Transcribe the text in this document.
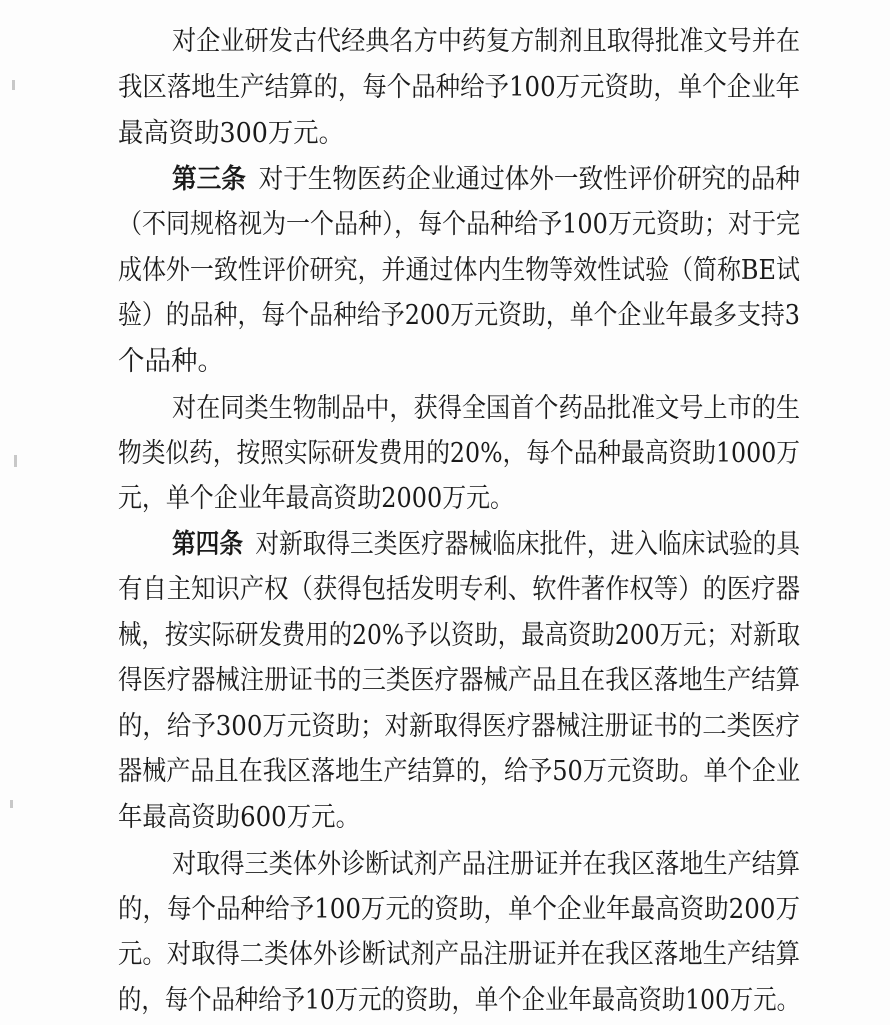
对企业研发古代经典名方中药复方制剂且取得批准文号并在
我区落地生产结算的，每个品种给予100万元资助，单个企业年
最高资助300万元。
第三条 对于生物医药企业通过体外一致性评价研究的品种
（不同规格视为一个品种），每个品种给予100万元资助；对于完
成体外一致性评价研究，并通过体内生物等效性试验（简称BE试
验）的品种，每个品种给予200万元资助，单个企业年最多支持3
个品种。
对在同类生物制品中，获得全国首个药品批准文号上市的生
物类似药，按照实际研发费用的20%，每个品种最高资助1000万
元，单个企业年最高资助2000万元。
第四条 对新取得三类医疗器械临床批件，进入临床试验的具
有自主知识产权（获得包括发明专利、软件著作权等）的医疗器
械，按实际研发费用的20%予以资助，最高资助200万元；对新取
得医疗器械注册证书的三类医疗器械产品且在我区落地生产结算
的，给予300万元资助；对新取得医疗器械注册证书的二类医疗
器械产品且在我区落地生产结算的，给予50万元资助。单个企业
年最高资助600万元。
对取得三类体外诊断试剂产品注册证并在我区落地生产结算
的，每个品种给予100万元的资助，单个企业年最高资助200万
元。对取得二类体外诊断试剂产品注册证并在我区落地生产结算
的，每个品种给予10万元的资助，单个企业年最高资助100万元。
